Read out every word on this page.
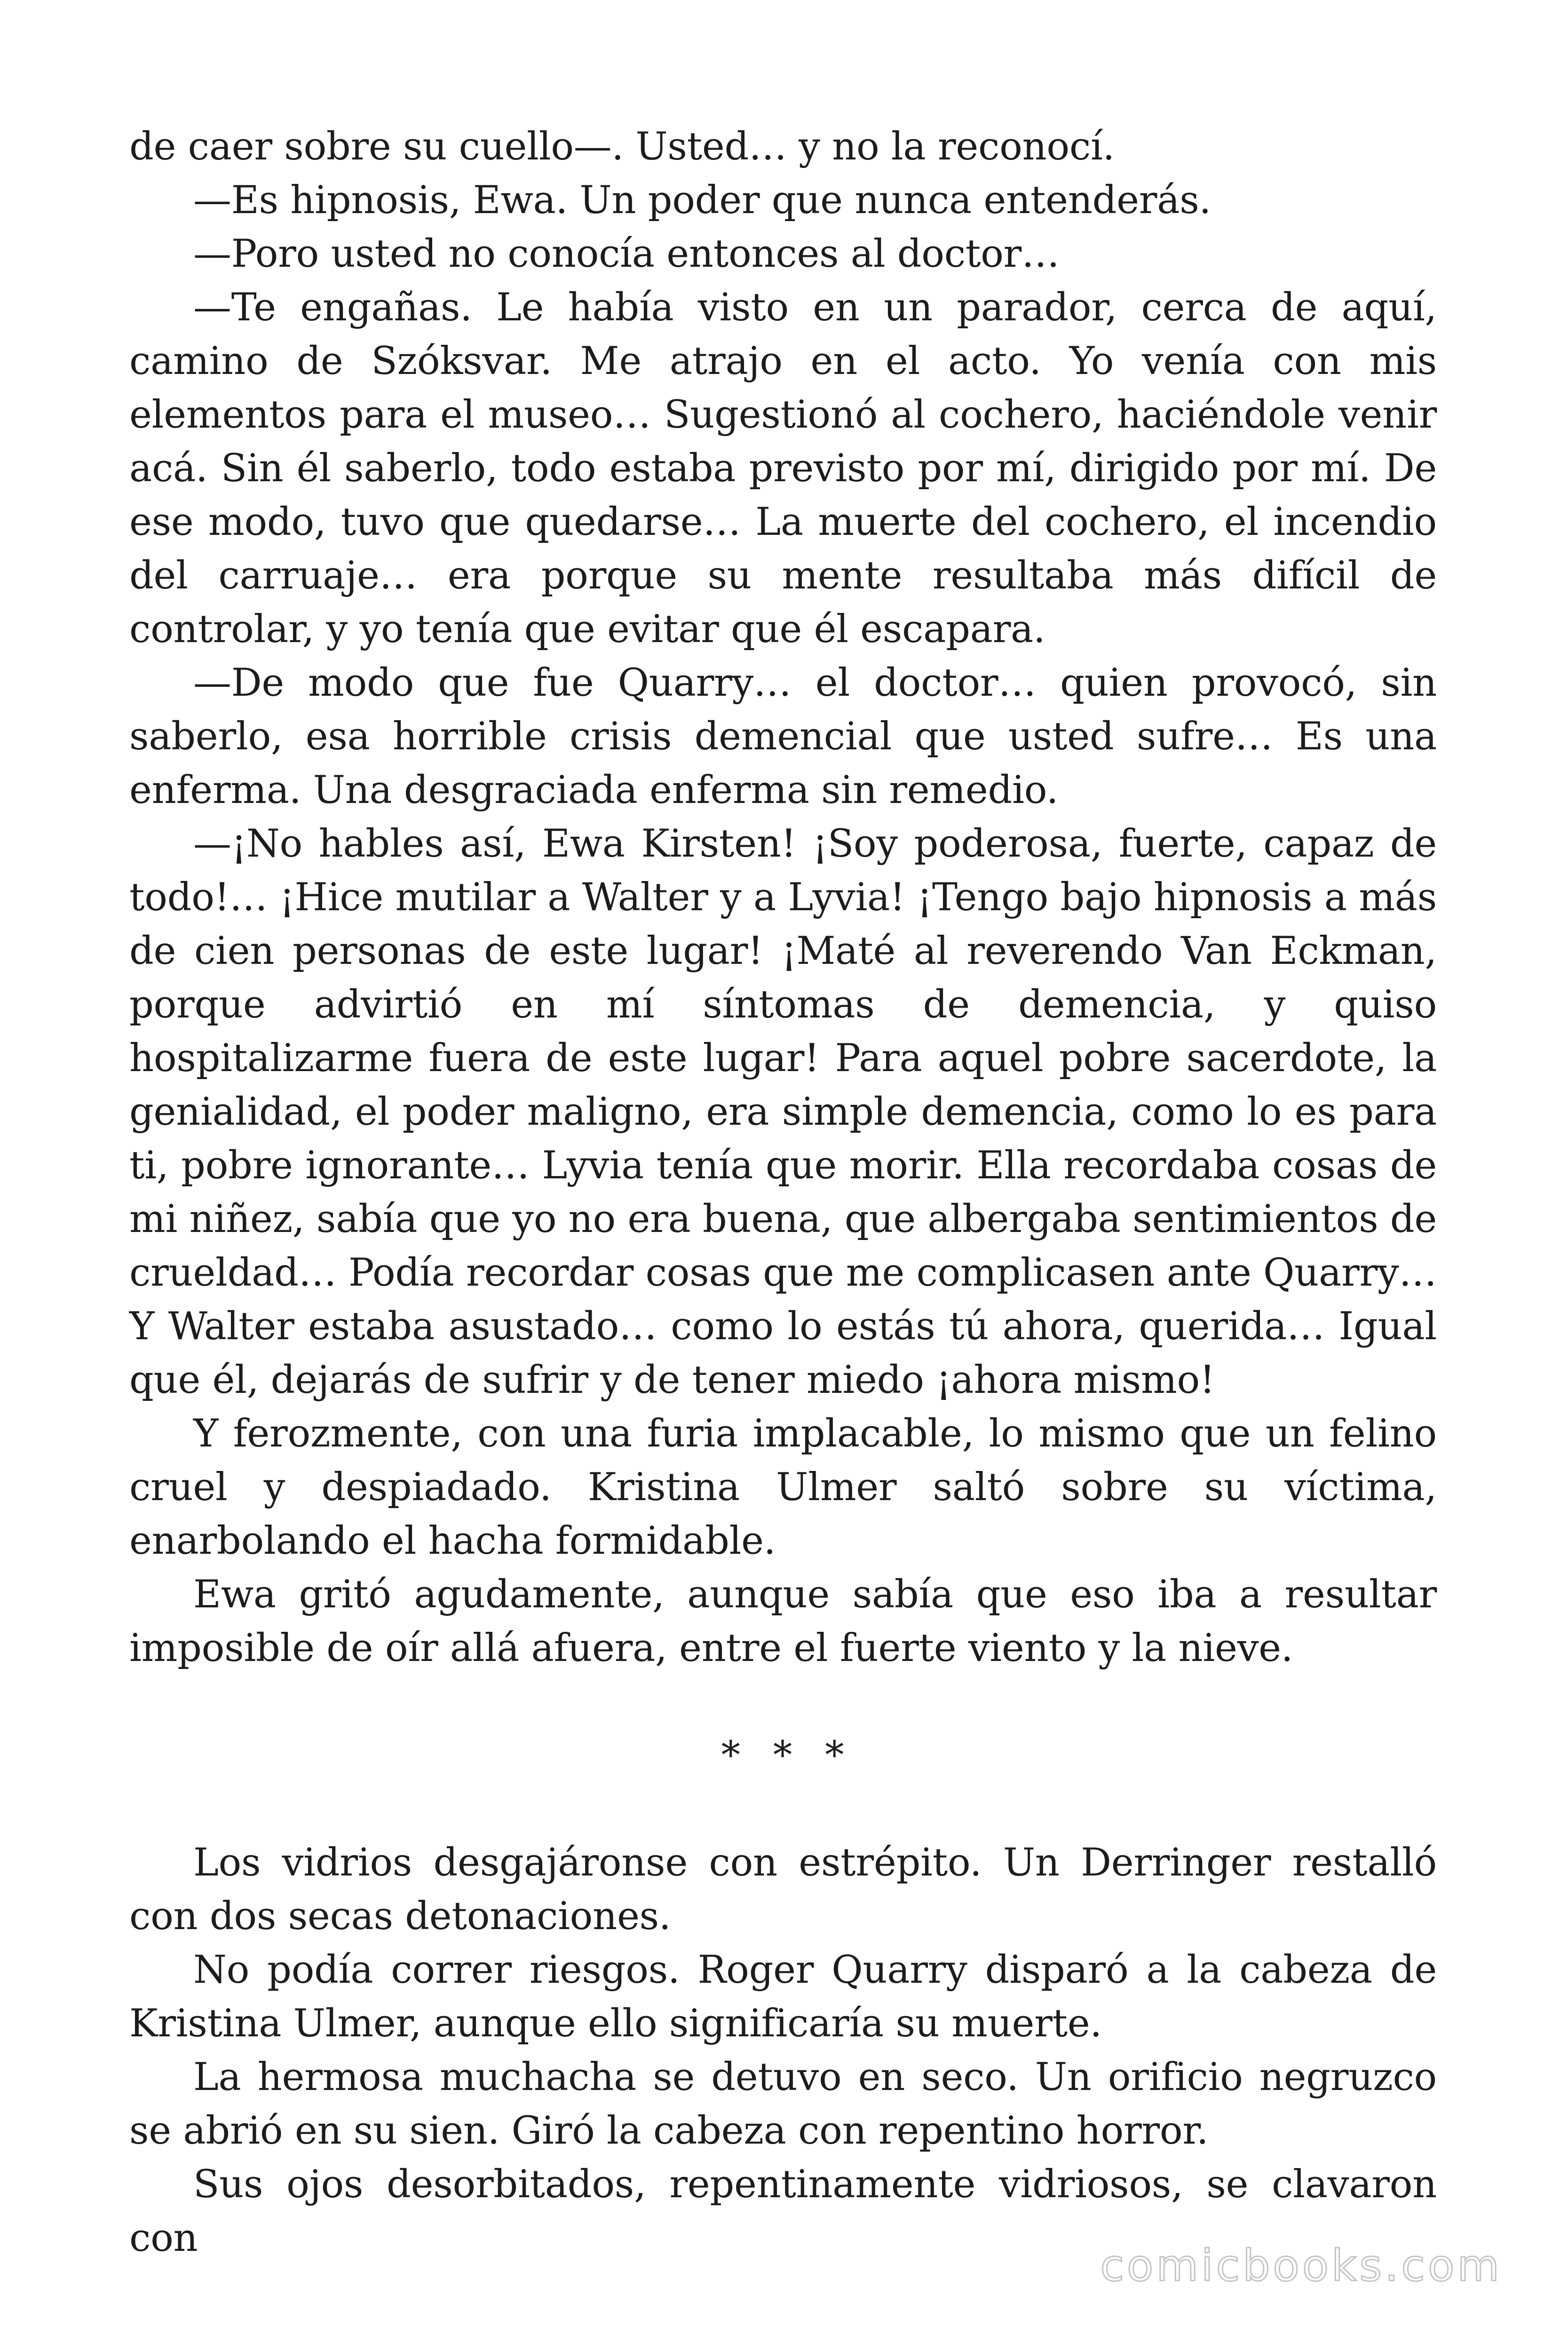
de caer sobre su cuello—. Usted… y no la reconocí.

—Es hipnosis, Ewa. Un poder que nunca entenderás.

—Poro usted no conocía entonces al doctor…

—Te engañas. Le había visto en un parador, cerca de aquí, camino de Szóksvar. Me atrajo en el acto. Yo venía con mis elementos para el museo… Sugestionó al cochero, haciéndole venir acá. Sin él saberlo, todo estaba previsto por mí, dirigido por mí. De ese modo, tuvo que quedarse… La muerte del cochero, el incendio del carruaje… era porque su mente resultaba más difícil de controlar, y yo tenía que evitar que él escapara.

—De modo que fue Quarry… el doctor… quien provocó, sin saberlo, esa horrible crisis demencial que usted sufre… Es una enferma. Una desgraciada enferma sin remedio.

—¡No hables así, Ewa Kirsten! ¡Soy poderosa, fuerte, capaz de todo!… ¡Hice mutilar a Walter y a Lyvia! ¡Tengo bajo hipnosis a más de cien personas de este lugar! ¡Maté al reverendo Van Eckman, porque advirtió en mí síntomas de demencia, y quiso hospitalizarme fuera de este lugar! Para aquel pobre sacerdote, la genialidad, el poder maligno, era simple demencia, como lo es para ti, pobre ignorante… Lyvia tenía que morir. Ella recordaba cosas de mi niñez, sabía que yo no era buena, que albergaba sentimientos de crueldad… Podía recordar cosas que me complicasen ante Quarry… Y Walter estaba asustado… como lo estás tú ahora, querida… Igual que él, dejarás de sufrir y de tener miedo ¡ahora mismo!

Y ferozmente, con una furia implacable, lo mismo que un felino cruel y despiadado. Kristina Ulmer saltó sobre su víctima, enarbolando el hacha formidable.

Ewa gritó agudamente, aunque sabía que eso iba a resultar imposible de oír allá afuera, entre el fuerte viento y la nieve.

* * *

Los vidrios desgajáronse con estrépito. Un Derringer restalló con dos secas detonaciones.

No podía correr riesgos. Roger Quarry disparó a la cabeza de Kristina Ulmer, aunque ello significaría su muerte.

La hermosa muchacha se detuvo en seco. Un orificio negruzco se abrió en su sien. Giró la cabeza con repentino horror.

Sus ojos desorbitados, repentinamente vidriosos, se clavaron con

comicbooks.com
